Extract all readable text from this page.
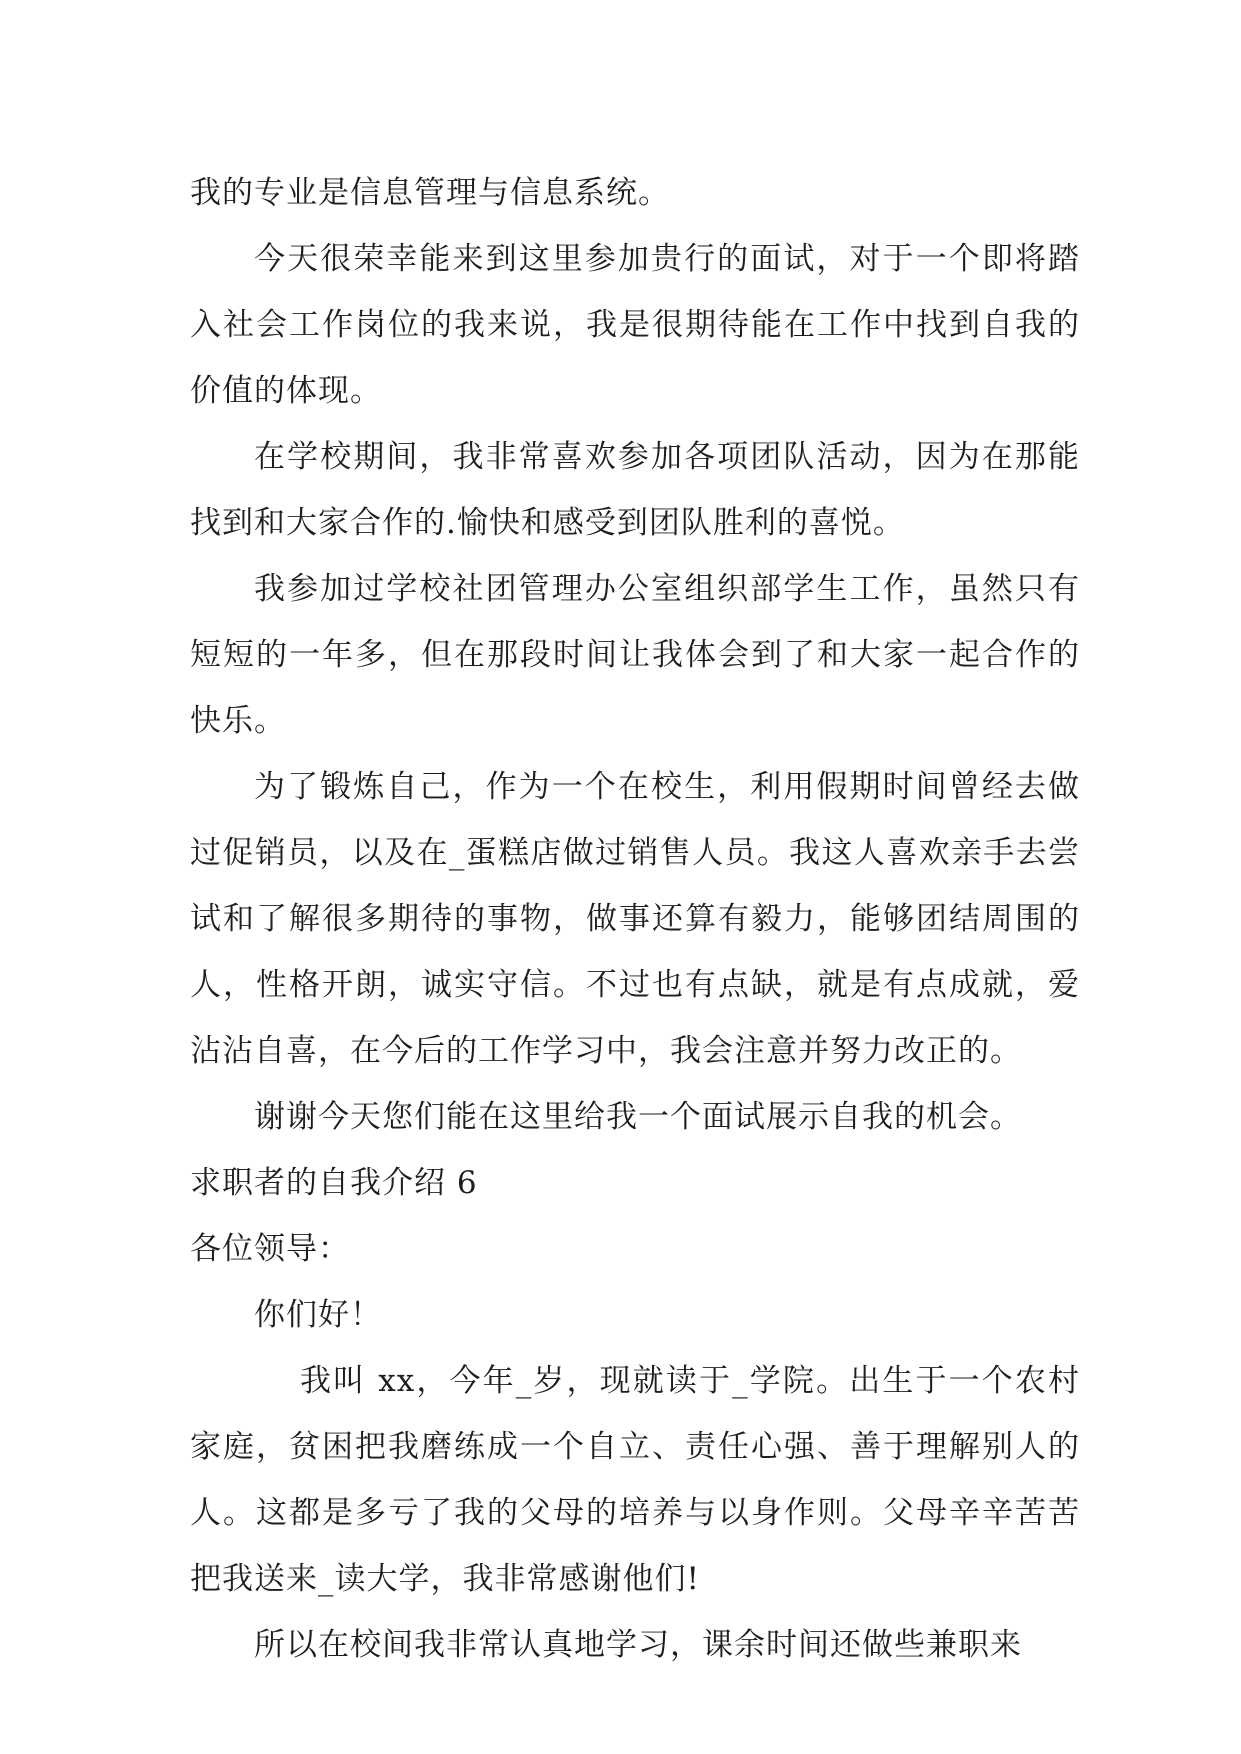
我的专业是信息管理与信息系统。

今天很荣幸能来到这里参加贵行的面试，对于一个即将踏入社会工作岗位的我来说，我是很期待能在工作中找到自我的价值的体现。

在学校期间，我非常喜欢参加各项团队活动，因为在那能找到和大家合作的.愉快和感受到团队胜利的喜悦。

我参加过学校社团管理办公室组织部学生工作，虽然只有短短的一年多，但在那段时间让我体会到了和大家一起合作的快乐。

为了锻炼自己，作为一个在校生，利用假期时间曾经去做过促销员，以及在_蛋糕店做过销售人员。我这人喜欢亲手去尝试和了解很多期待的事物，做事还算有毅力，能够团结周围的人，性格开朗，诚实守信。不过也有点缺，就是有点成就，爱沾沾自喜，在今后的工作学习中，我会注意并努力改正的。

谢谢今天您们能在这里给我一个面试展示自我的机会。

求职者的自我介绍 6

各位领导：

你们好！

我叫 xx，今年_岁，现就读于_学院。出生于一个农村家庭，贫困把我磨练成一个自立、责任心强、善于理解别人的人。这都是多亏了我的父母的培养与以身作则。父母辛辛苦苦把我送来_读大学，我非常感谢他们!

所以在校间我非常认真地学习，课余时间还做些兼职来
